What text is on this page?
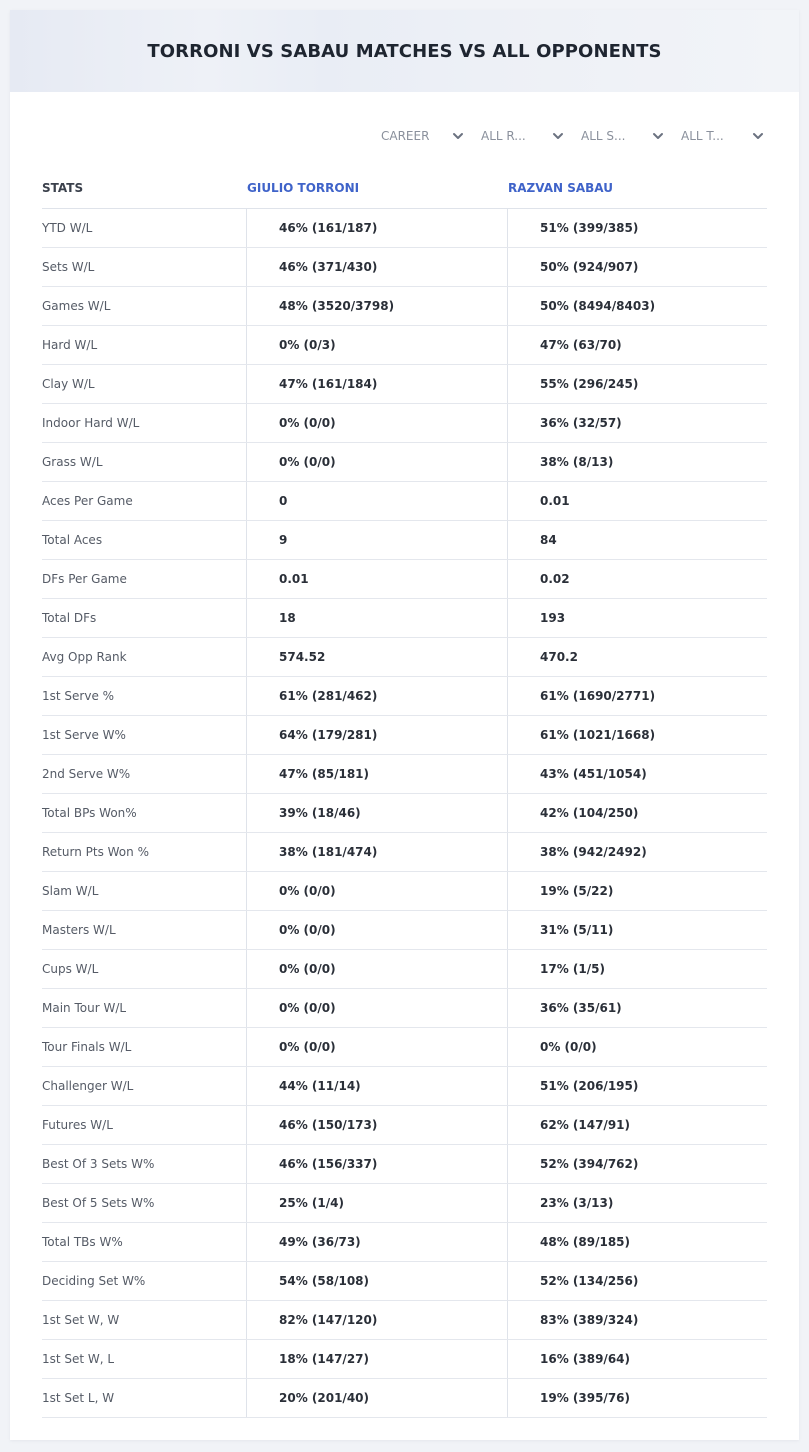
TORRONI VS SABAU MATCHES VS ALL OPPONENTS
CAREER	ALL R...	ALL S...	ALL T...
STATS	GIULIO TORRONI	RAZVAN SABAU
YTD W/L	46% (161/187)	51% (399/385)
Sets W/L	46% (371/430)	50% (924/907)
Games W/L	48% (3520/3798)	50% (8494/8403)
Hard W/L	0% (0/3)	47% (63/70)
Clay W/L	47% (161/184)	55% (296/245)
Indoor Hard W/L	0% (0/0)	36% (32/57)
Grass W/L	0% (0/0)	38% (8/13)
Aces Per Game	0	0.01
Total Aces	9	84
DFs Per Game	0.01	0.02
Total DFs	18	193
Avg Opp Rank	574.52	470.2
1st Serve %	61% (281/462)	61% (1690/2771)
1st Serve W%	64% (179/281)	61% (1021/1668)
2nd Serve W%	47% (85/181)	43% (451/1054)
Total BPs Won%	39% (18/46)	42% (104/250)
Return Pts Won %	38% (181/474)	38% (942/2492)
Slam W/L	0% (0/0)	19% (5/22)
Masters W/L	0% (0/0)	31% (5/11)
Cups W/L	0% (0/0)	17% (1/5)
Main Tour W/L	0% (0/0)	36% (35/61)
Tour Finals W/L	0% (0/0)	0% (0/0)
Challenger W/L	44% (11/14)	51% (206/195)
Futures W/L	46% (150/173)	62% (147/91)
Best Of 3 Sets W%	46% (156/337)	52% (394/762)
Best Of 5 Sets W%	25% (1/4)	23% (3/13)
Total TBs W%	49% (36/73)	48% (89/185)
Deciding Set W%	54% (58/108)	52% (134/256)
1st Set W, W	82% (147/120)	83% (389/324)
1st Set W, L	18% (147/27)	16% (389/64)
1st Set L, W	20% (201/40)	19% (395/76)
